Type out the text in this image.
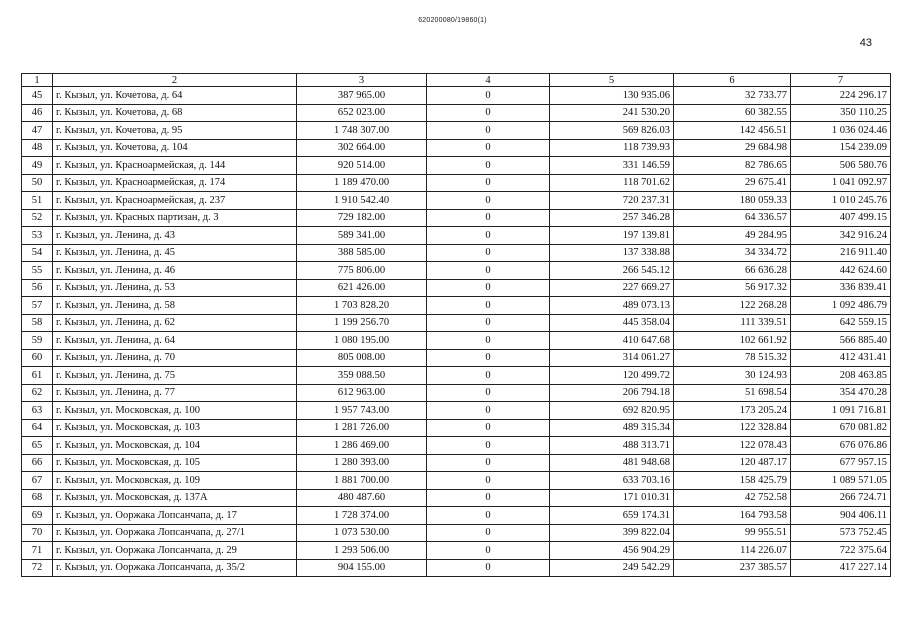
620200080/19860(1)
43
1	2	3	4	5	6	7
45	г. Кызыл, ул. Кочетова, д. 64	387 965.00	0	130 935.06	32 733.77	224 296.17
46	г. Кызыл, ул. Кочетова, д. 68	652 023.00	0	241 530.20	60 382.55	350 110.25
47	г. Кызыл, ул. Кочетова, д. 95	1 748 307.00	0	569 826.03	142 456.51	1 036 024.46
48	г. Кызыл, ул. Кочетова, д. 104	302 664.00	0	118 739.93	29 684.98	154 239.09
49	г. Кызыл, ул. Красноармейская, д. 144	920 514.00	0	331 146.59	82 786.65	506 580.76
50	г. Кызыл, ул. Красноармейская, д. 174	1 189 470.00	0	118 701.62	29 675.41	1 041 092.97
51	г. Кызыл, ул. Красноармейская, д. 237	1 910 542.40	0	720 237.31	180 059.33	1 010 245.76
52	г. Кызыл, ул. Красных партизан, д. 3	729 182.00	0	257 346.28	64 336.57	407 499.15
53	г. Кызыл, ул. Ленина, д. 43	589 341.00	0	197 139.81	49 284.95	342 916.24
54	г. Кызыл, ул. Ленина, д. 45	388 585.00	0	137 338.88	34 334.72	216 911.40
55	г. Кызыл, ул. Ленина, д. 46	775 806.00	0	266 545.12	66 636.28	442 624.60
56	г. Кызыл, ул. Ленина, д. 53	621 426.00	0	227 669.27	56 917.32	336 839.41
57	г. Кызыл, ул. Ленина, д. 58	1 703 828.20	0	489 073.13	122 268.28	1 092 486.79
58	г. Кызыл, ул. Ленина, д. 62	1 199 256.70	0	445 358.04	111 339.51	642 559.15
59	г. Кызыл, ул. Ленина, д. 64	1 080 195.00	0	410 647.68	102 661.92	566 885.40
60	г. Кызыл, ул. Ленина, д. 70	805 008.00	0	314 061.27	78 515.32	412 431.41
61	г. Кызыл, ул. Ленина, д. 75	359 088.50	0	120 499.72	30 124.93	208 463.85
62	г. Кызыл, ул. Ленина, д. 77	612 963.00	0	206 794.18	51 698.54	354 470.28
63	г. Кызыл, ул. Московская, д. 100	1 957 743.00	0	692 820.95	173 205.24	1 091 716.81
64	г. Кызыл, ул. Московская, д. 103	1 281 726.00	0	489 315.34	122 328.84	670 081.82
65	г. Кызыл, ул. Московская, д. 104	1 286 469.00	0	488 313.71	122 078.43	676 076.86
66	г. Кызыл, ул. Московская, д. 105	1 280 393.00	0	481 948.68	120 487.17	677 957.15
67	г. Кызыл, ул. Московская, д. 109	1 881 700.00	0	633 703.16	158 425.79	1 089 571.05
68	г. Кызыл, ул. Московская, д. 137А	480 487.60	0	171 010.31	42 752.58	266 724.71
69	г. Кызыл, ул. Ооржака Лопсанчапа, д. 17	1 728 374.00	0	659 174.31	164 793.58	904 406.11
70	г. Кызыл, ул. Ооржака Лопсанчапа, д. 27/1	1 073 530.00	0	399 822.04	99 955.51	573 752.45
71	г. Кызыл, ул. Ооржака Лопсанчапа, д. 29	1 293 506.00	0	456 904.29	114 226.07	722 375.64
72	г. Кызыл, ул. Ооржака Лопсанчапа, д. 35/2	904 155.00	0	249 542.29	237 385.57	417 227.14
